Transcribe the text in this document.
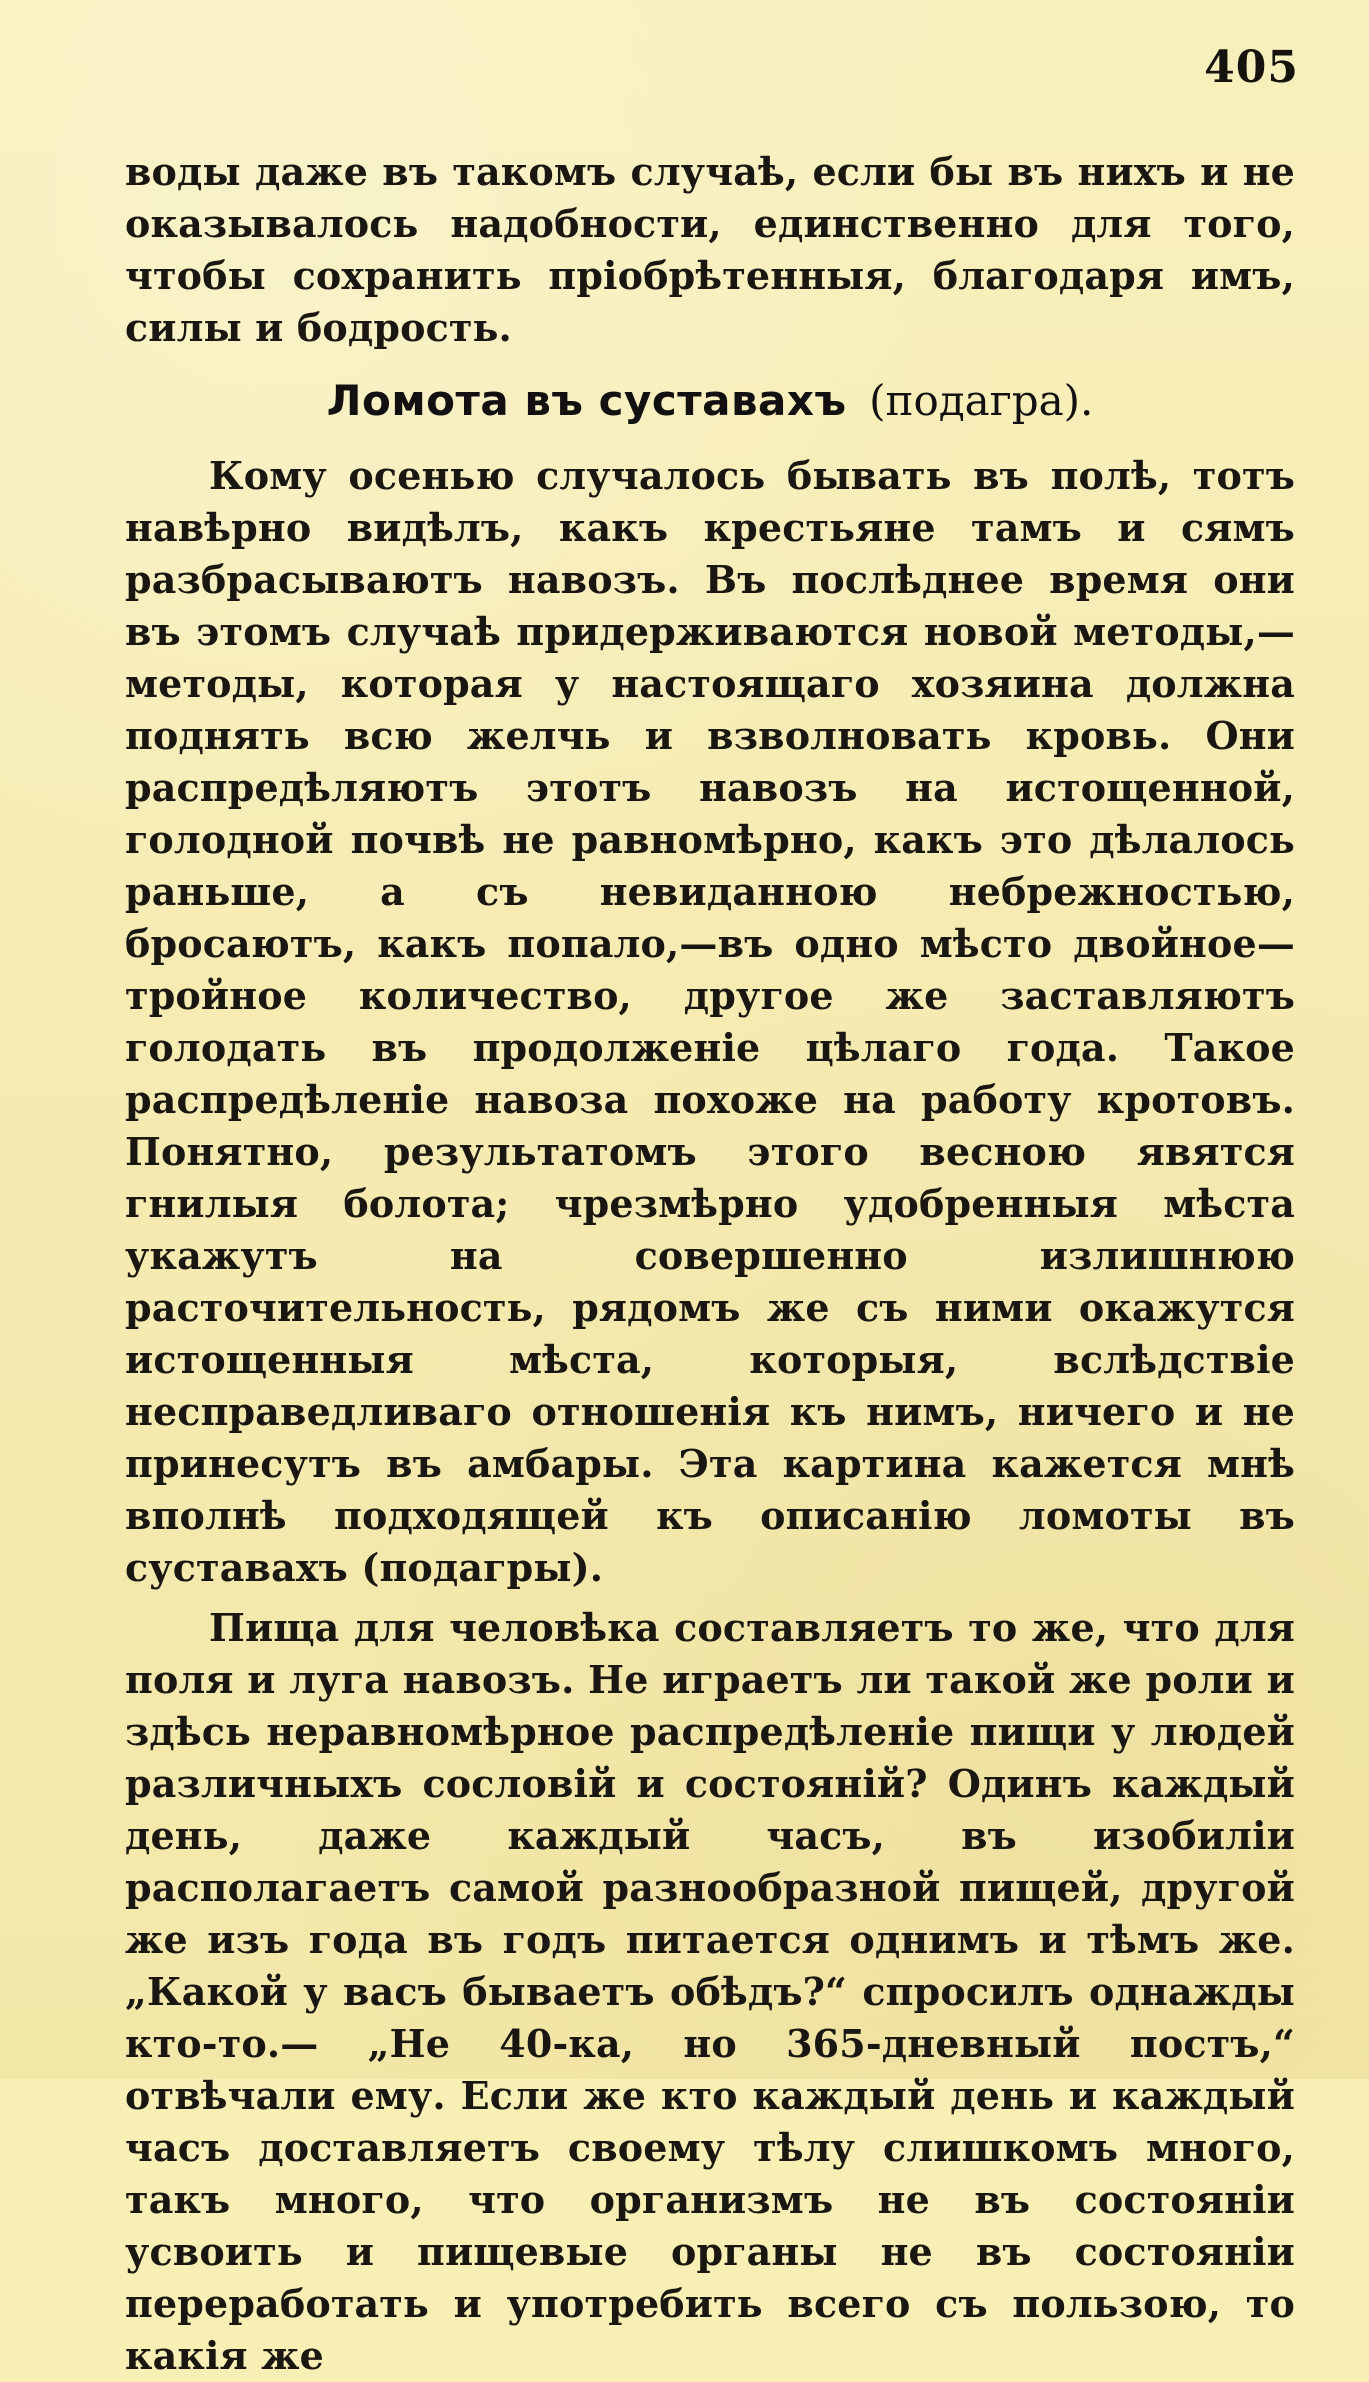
405

воды даже въ такомъ случаѣ, если бы въ нихъ и не оказывалось надобности, единственно для того, чтобы сохранить пріобрѣтенныя, благодаря имъ, силы и бодрость.

Ломота въ суставахъ (подагра).

Кому осенью случалось бывать въ полѣ, тотъ навѣрно видѣлъ, какъ крестьяне тамъ и сямъ разбрасываютъ навозъ. Въ послѣднее время они въ этомъ случаѣ придерживаются новой методы,—методы, которая у настоящаго хозяина должна поднять всю желчь и взволновать кровь. Они распредѣляютъ этотъ навозъ на истощенной, голодной почвѣ не равномѣрно, какъ это дѣлалось раньше, а съ невиданною небрежностью, бросаютъ, какъ попало,—въ одно мѣсто двойное—тройное количество, другое же заставляютъ голодать въ продолженіе цѣлаго года. Такое распредѣленіе навоза похоже на работу кротовъ. Понятно, результатомъ этого весною явятся гнилыя болота; чрезмѣрно удобренныя мѣста укажутъ на совершенно излишнюю расточительность, рядомъ же съ ними окажутся истощенныя мѣста, которыя, вслѣдствіе несправедливаго отношенія къ нимъ, ничего и не принесутъ въ амбары. Эта картина кажется мнѣ вполнѣ подходящей къ описанію ломоты въ суставахъ (подагры).

Пища для человѣка составляетъ то же, что для поля и луга навозъ. Не играетъ ли такой же роли и здѣсь неравномѣрное распредѣленіе пищи у людей различныхъ сословій и состояній? Одинъ каждый день, даже каждый часъ, въ изобиліи располагаетъ самой разнообразной пищей, другой же изъ года въ годъ питается однимъ и тѣмъ же. „Какой у васъ бываетъ обѣдъ?“ спросилъ однажды кто-то.— „Не 40-ка, но 365-дневный постъ,“ отвѣчали ему. Если же кто каждый день и каждый часъ доставляетъ своему тѣлу слишкомъ много, такъ много, что организмъ не въ состояніи усвоить и пищевые органы не въ состояніи переработать и употребить всего съ пользою, то какія же
